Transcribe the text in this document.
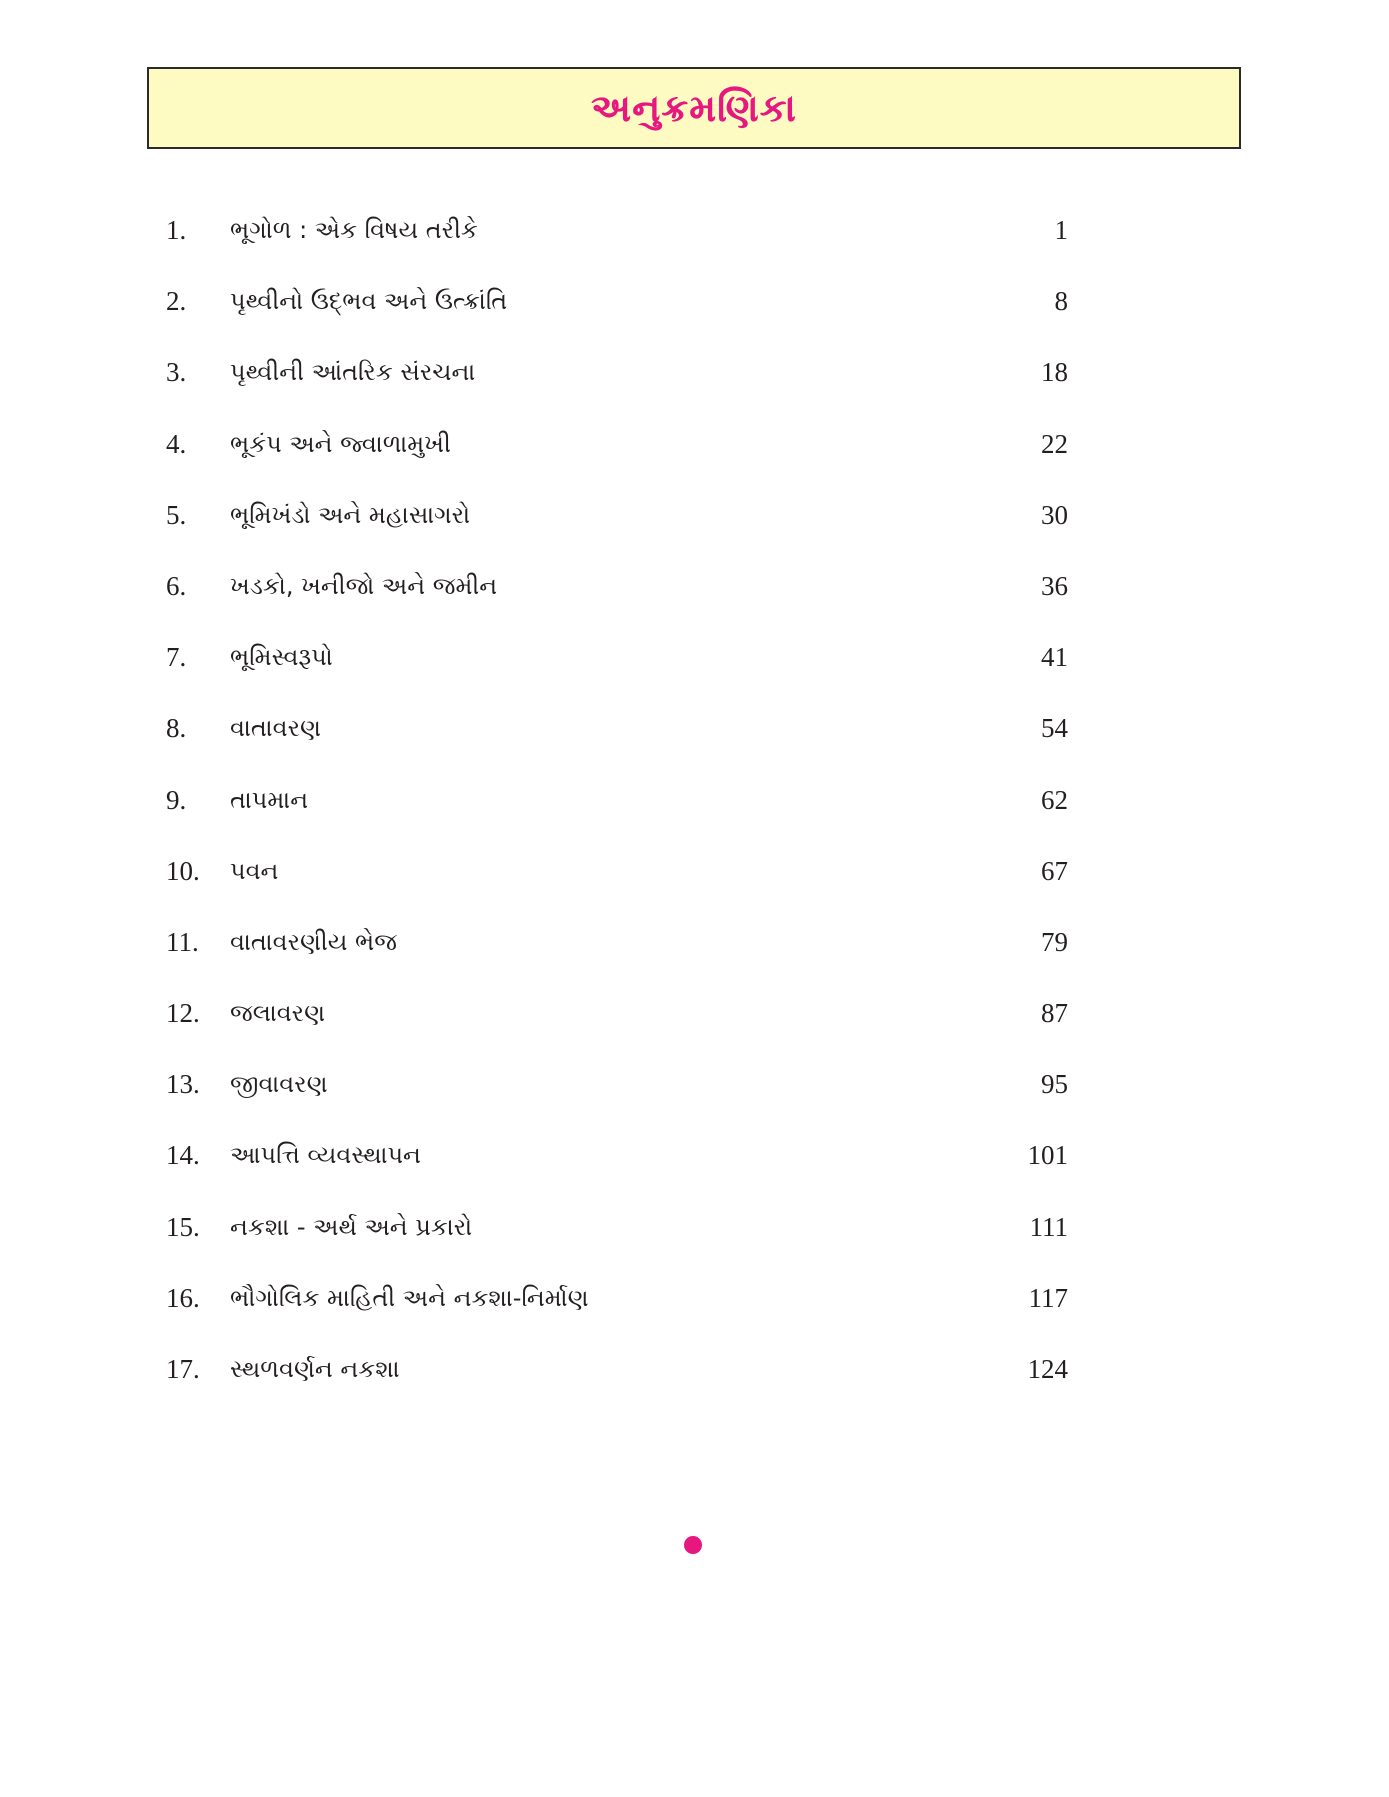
અનુક્રમણિકા
1.	ભૂગોળ : એક વિષય તરીકે	1
2.	પૃથ્વીનો ઉદ્ભવ અને ઉત્ક્રાંતિ	8
3.	પૃથ્વીની આંતરિક સંરચના	18
4.	ભૂકંપ અને જ્વાળામુખી	22
5.	ભૂમિખંડો અને મહાસાગરો	30
6.	ખડકો, ખનીજો અને જમીન	36
7.	ભૂમિસ્વરૂપો	41
8.	વાતાવરણ	54
9.	તાપમાન	62
10.	પવન	67
11.	વાતાવરણીય ભેજ	79
12.	જલાવરણ	87
13.	જીવાવરણ	95
14.	આપત્તિ વ્યવસ્થાપન	101
15.	નકશા - અર્થ અને પ્રકારો	111
16.	ભૌગોલિક માહિતી અને નકશા-નિર્માણ	117
17.	સ્થળવર્ણન નકશા	124
